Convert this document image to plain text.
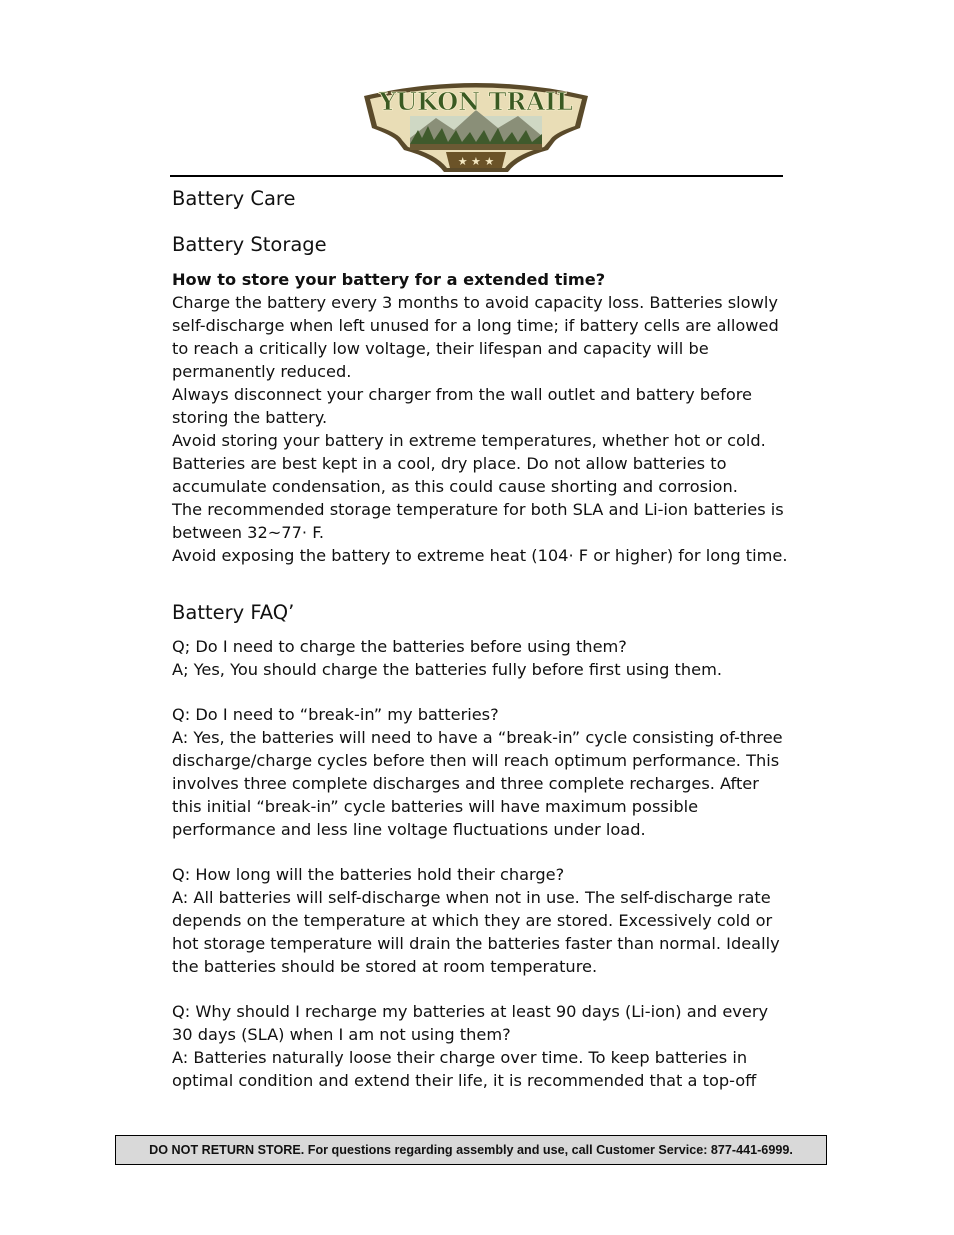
★ ★ ★
YUKON TRAIL
Battery Care
Battery Storage

How to store your battery for a extended time?

Charge the battery every 3 months to avoid capacity loss. Batteries slowly self-discharge when left unused for a long time; if battery cells are allowed to reach a critically low voltage, their lifespan and capacity will be permanently reduced.

Always disconnect your charger from the wall outlet and battery before storing the battery.

Avoid storing your battery in extreme temperatures, whether hot or cold. Batteries are best kept in a cool, dry place. Do not allow batteries to accumulate condensation, as this could cause shorting and corrosion.

The recommended storage temperature for both SLA and Li-ion batteries is between 32~77· F.

Avoid exposing the battery to extreme heat (104· F or higher) for long time.

Battery FAQ’

Q; Do I need to charge the batteries before using them?

A; Yes, You should charge the batteries fully before first using them.

Q: Do I need to “break-in” my batteries?

A: Yes, the batteries will need to have a “break-in” cycle consisting of-three discharge/charge cycles before then will reach optimum performance. This involves three complete discharges and three complete recharges. After this initial “break-in” cycle batteries will have maximum possible performance and less line voltage fluctuations under load.

Q: How long will the batteries hold their charge?

A: All batteries will self-discharge when not in use. The self-discharge rate depends on the temperature at which they are stored. Excessively cold or hot storage temperature will drain the batteries faster than normal. Ideally the batteries should be stored at room temperature.

Q: Why should I recharge my batteries at least 90 days (Li-ion) and every 30 days (SLA) when I am not using them?

A: Batteries naturally loose their charge over time. To keep batteries in optimal condition and extend their life, it is recommended that a top-off

DO NOT RETURN STORE. For questions regarding assembly and use, call Customer Service: 877-441-6999.
